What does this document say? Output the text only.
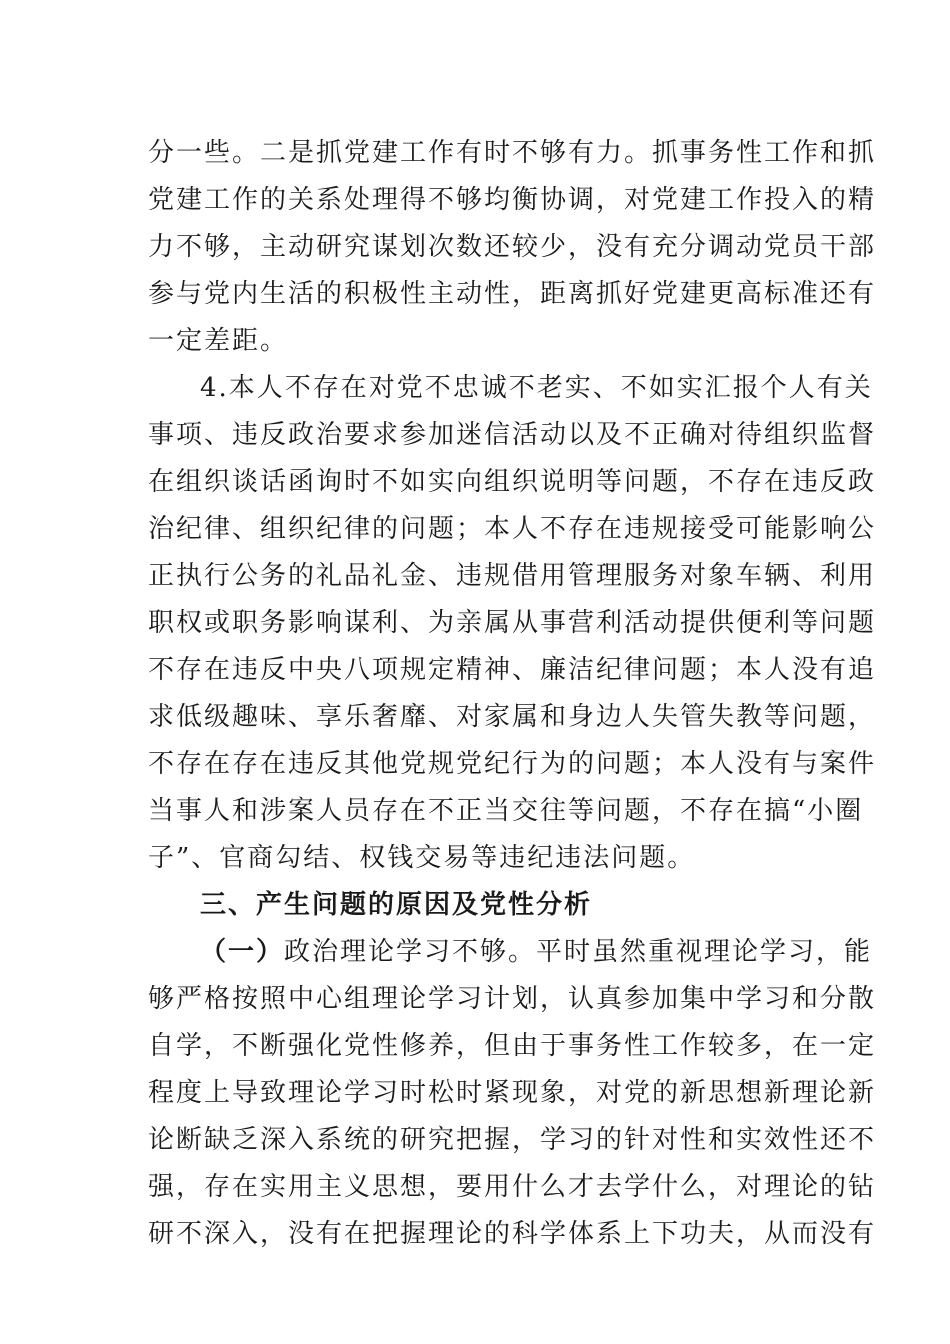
分一些。二是抓党建工作有时不够有力。抓事务性工作和抓
党建工作的关系处理得不够均衡协调，对党建工作投入的精
力不够，主动研究谋划次数还较少，没有充分调动党员干部
参与党内生活的积极性主动性，距离抓好党建更高标准还有
一定差距。
4.本人不存在对党不忠诚不老实、不如实汇报个人有关
事项、违反政治要求参加迷信活动以及不正确对待组织监督
在组织谈话函询时不如实向组织说明等问题，不存在违反政
治纪律、组织纪律的问题；本人不存在违规接受可能影响公
正执行公务的礼品礼金、违规借用管理服务对象车辆、利用
职权或职务影响谋利、为亲属从事营利活动提供便利等问题
不存在违反中央八项规定精神、廉洁纪律问题；本人没有追
求低级趣味、享乐奢靡、对家属和身边人失管失教等问题，
不存在存在违反其他党规党纪行为的问题；本人没有与案件
当事人和涉案人员存在不正当交往等问题，不存在搞“小圈
子”、官商勾结、权钱交易等违纪违法问题。
三、产生问题的原因及党性分析
（一）政治理论学习不够。平时虽然重视理论学习，能
够严格按照中心组理论学习计划，认真参加集中学习和分散
自学，不断强化党性修养，但由于事务性工作较多，在一定
程度上导致理论学习时松时紧现象，对党的新思想新理论新
论断缺乏深入系统的研究把握，学习的针对性和实效性还不
强，存在实用主义思想，要用什么才去学什么，对理论的钻
研不深入，没有在把握理论的科学体系上下功夫，从而没有
